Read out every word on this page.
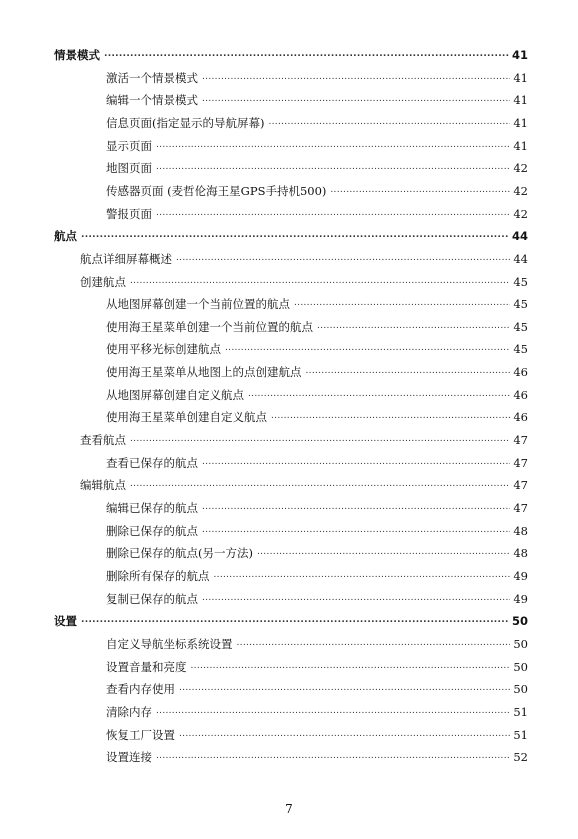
情景模式 .....	41
激活一个情景模式 .....	41
编辑一个情景模式 .....	41
信息页面(指定显示的导航屏幕) .....	41
显示页面 .....	41
地图页面 .....	42
传感器页面 (麦哲伦海王星GPS手持机500) .....	42
警报页面 .....	42
航点 .....	44
航点详细屏幕概述 .....	44
创建航点 .....	45
从地图屏幕创建一个当前位置的航点 .....	45
使用海王星菜单创建一个当前位置的航点 .....	45
使用平移光标创建航点 .....	45
使用海王星菜单从地图上的点创建航点 .....	46
从地图屏幕创建自定义航点 .....	46
使用海王星菜单创建自定义航点 .....	46
查看航点 .....	47
查看已保存的航点 .....	47
编辑航点 .....	47
编辑已保存的航点 .....	47
删除已保存的航点 .....	48
删除已保存的航点(另一方法) .....	48
删除所有保存的航点 .....	49
复制已保存的航点 .....	49
设置 .....	50
自定义导航坐标系统设置 .....	50
设置音量和亮度 .....	50
查看内存使用 .....	50
清除内存 .....	51
恢复工厂设置 .....	51
设置连接 .....	52
7
